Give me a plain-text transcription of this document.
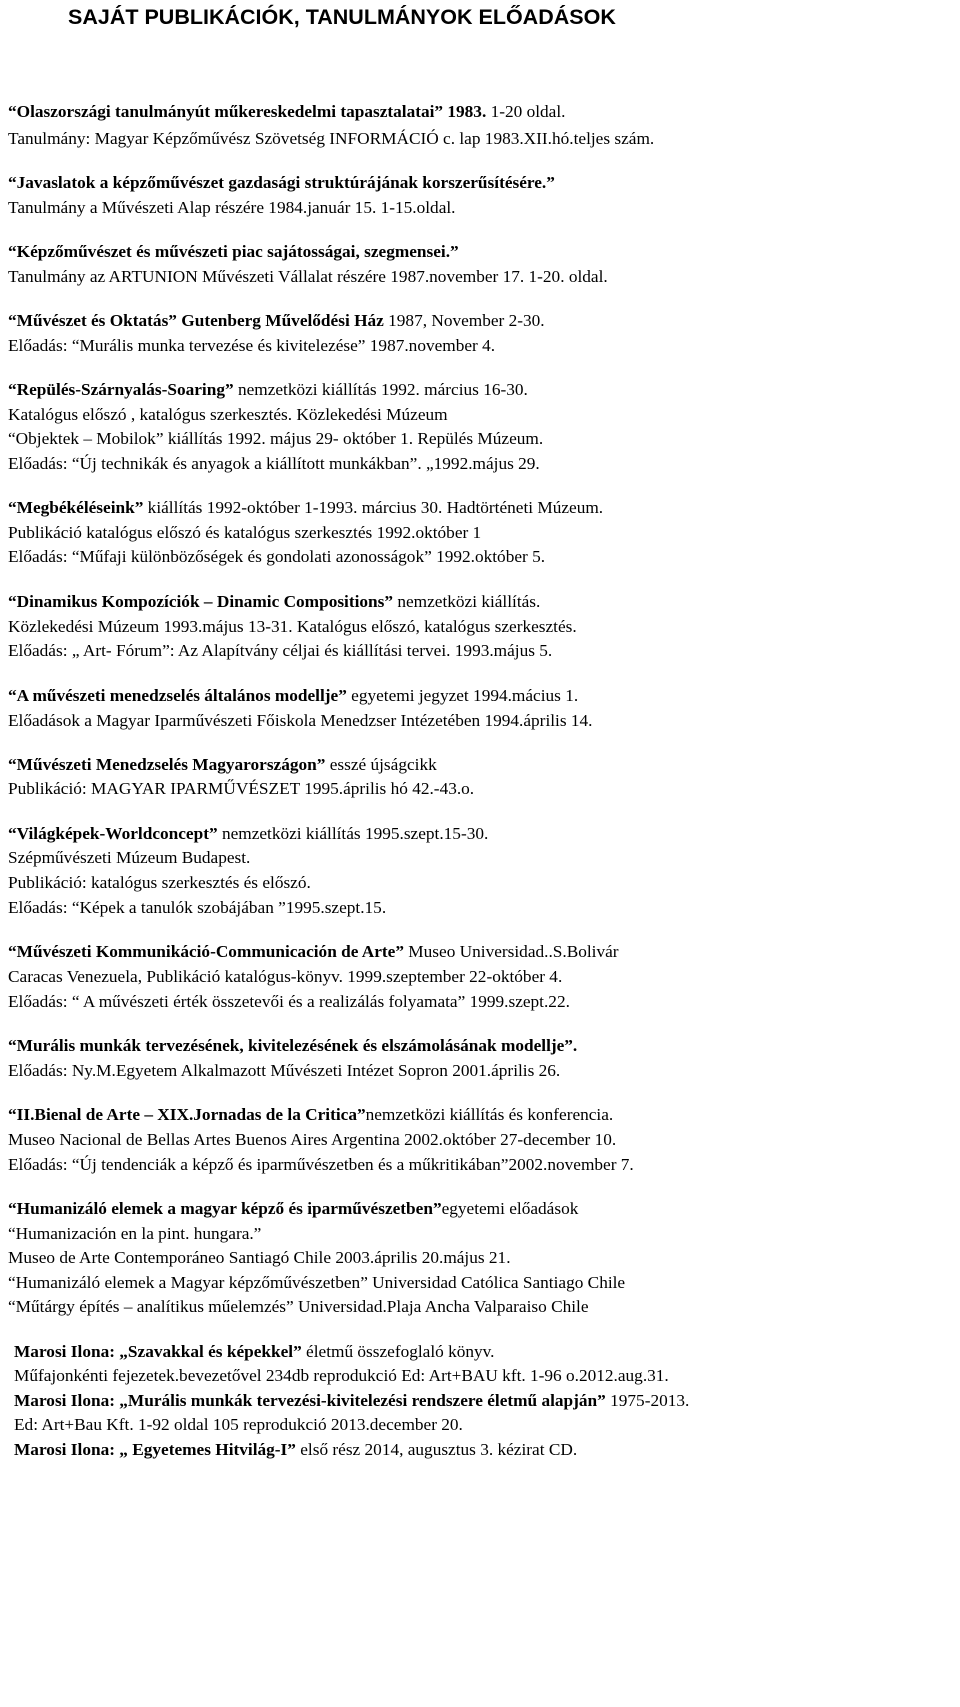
SAJÁT PUBLIKÁCIÓK, TANULMÁNYOK ELŐADÁSOK
“Olaszországi tanulmányút műkereskedelmi tapasztalatai” 1983. 1-20 oldal.
Tanulmány: Magyar Képzőművész Szövetség INFORMÁCIÓ c. lap 1983.XII.hó.teljes szám.
“Javaslatok a képzőművészet gazdasági struktúrájának korszerűsítésére.”
Tanulmány a Művészeti Alap részére 1984.január 15. 1-15.oldal.
“Képzőművészet és művészeti piac sajátosságai, szegmensei.”
Tanulmány az ARTUNION Művészeti Vállalat részére 1987.november 17. 1-20. oldal.
“Művészet és Oktatás” Gutenberg Művelődési Ház 1987, November 2-30.
Előadás: “Murális munka tervezése és kivitelezése” 1987.november 4.
“Repülés-Szárnyalás-Soaring” nemzetközi kiállítás 1992. március 16-30.
Katalógus előszó , katalógus szerkesztés. Közlekedési Múzeum
“Objektek – Mobilok” kiállítás 1992. május 29- október 1. Repülés Múzeum.
Előadás: “Új technikák és anyagok a kiállított munkákban”. „1992.május 29.
“Megbékéléseink” kiállítás 1992-október 1-1993. március 30. Hadtörténeti Múzeum.
Publikáció katalógus előszó és katalógus szerkesztés 1992.október 1
Előadás: “Műfaji különbözőségek és gondolati azonosságok” 1992.október 5.
“Dinamikus Kompozíciók – Dinamic Compositions” nemzetközi kiállítás.
Közlekedési Múzeum 1993.május 13-31. Katalógus előszó, katalógus szerkesztés.
Előadás: „ Art- Fórum”: Az Alapítvány céljai és kiállítási tervei. 1993.május 5.
“A művészeti menedzselés általános modellje” egyetemi jegyzet 1994.mácius 1.
Előadások a Magyar Iparművészeti Főiskola Menedzser Intézetében 1994.április 14.
“Művészeti Menedzselés Magyarországon” esszé újságcikk
Publikáció: MAGYAR IPARMŰVÉSZET 1995.április hó 42.-43.o.
“Világképek-Worldconcept” nemzetközi kiállítás 1995.szept.15-30.
Szépművészeti Múzeum Budapest.
Publikáció: katalógus szerkesztés és előszó.
Előadás: “Képek a tanulók szobájában ”1995.szept.15.
“Művészeti Kommunikáció-Communicación de Arte” Museo Universidad..S.Bolivár
Caracas Venezuela, Publikáció katalógus-könyv. 1999.szeptember 22-október 4.
Előadás: “ A művészeti érték összetevői és a realizálás folyamata” 1999.szept.22.
“Murális munkák tervezésének, kivitelezésének és elszámolásának modellje”.
Előadás: Ny.M.Egyetem Alkalmazott Művészeti Intézet Sopron 2001.április 26.
“II.Bienal de Arte – XIX.Jornadas de la Critica”nemzetközi kiállítás és konferencia.
Museo Nacional de Bellas Artes Buenos Aires Argentina 2002.október 27-december 10.
Előadás: “Új tendenciák a képző és iparművészetben és a műkritikában”2002.november 7.
“Humanizáló elemek a magyar képző és iparművészetben”egyetemi előadások
“Humanización en la pint. hungara.”
Museo de Arte Contemporáneo Santiagó Chile 2003.április 20.május 21.
“Humanizáló elemek a Magyar képzőművészetben” Universidad Católica Santiago Chile
“Műtárgy építés – analítikus műelemzés” Universidad.Plaja Ancha Valparaiso Chile
Marosi Ilona: „Szavakkal és képekkel” életmű összefoglaló könyv.
Műfajonkénti fejezetek.bevezetővel 234db reprodukció Ed: Art+BAU kft. 1-96 o.2012.aug.31.
Marosi Ilona: „Murális munkák tervezési-kivitelezési rendszere életmű alapján” 1975-2013.
Ed: Art+Bau Kft. 1-92 oldal 105 reprodukció 2013.december 20.
Marosi Ilona: „ Egyetemes Hitvilág-I” első rész 2014, augusztus 3. kézirat CD.
